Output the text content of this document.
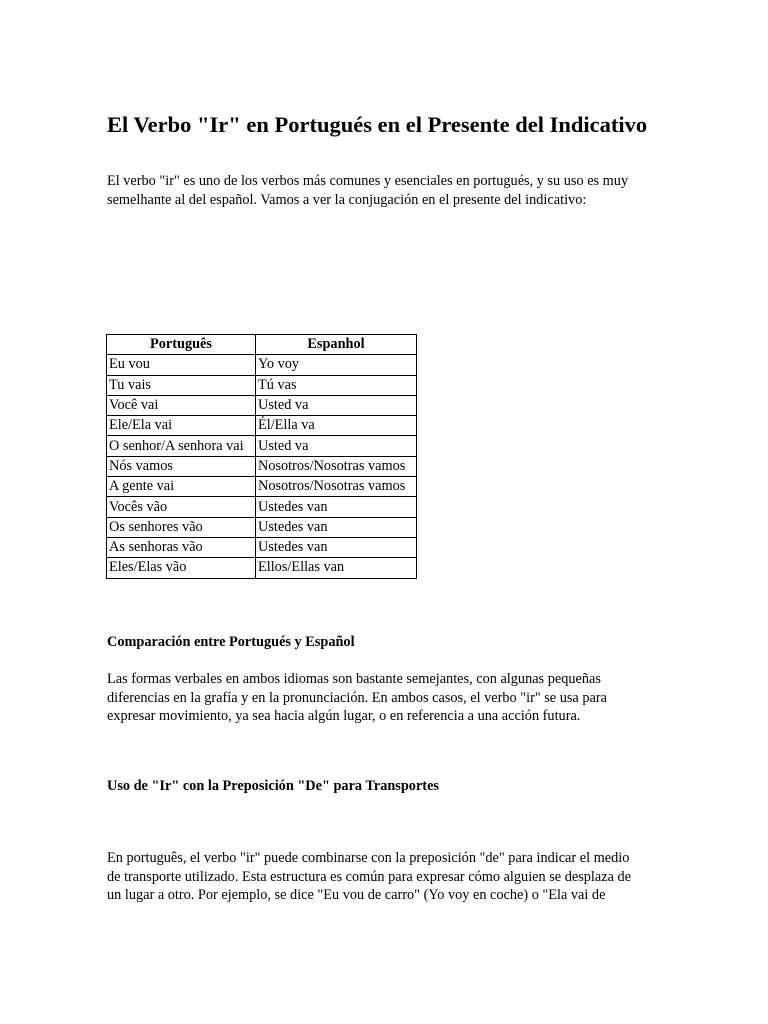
El Verbo "Ir" en Portugués en el Presente del Indicativo

El verbo "ir" es uno de los verbos más comunes y esenciales en portugués, y su uso es muy
semelhante al del español. Vamos a ver la conjugación en el presente del indicativo:

Português	Espanhol
Eu vou	Yo voy
Tu vais	Tú vas
Você vai	Usted va
Ele/Ela vai	Él/Ella va
O senhor/A senhora vai	Usted va
Nós vamos	Nosotros/Nosotras vamos
A gente vai	Nosotros/Nosotras vamos
Vocês vão	Ustedes van
Os senhores vão	Ustedes van
As senhoras vão	Ustedes van
Eles/Elas vão	Ellos/Ellas van
Comparación entre Portugués y Español

Las formas verbales en ambos idiomas son bastante semejantes, con algunas pequeñas
diferencias en la grafía y en la pronunciación. En ambos casos, el verbo "ir" se usa para
expresar movimiento, ya sea hacia algún lugar, o en referencia a una acción futura.

Uso de "Ir" con la Preposición "De" para Transportes

En português, el verbo "ir" puede combinarse con la preposición "de" para indicar el medio
de transporte utilizado. Esta estructura es común para expresar cómo alguien se desplaza de
un lugar a otro. Por ejemplo, se dice "Eu vou de carro" (Yo voy en coche) o "Ela vai de
